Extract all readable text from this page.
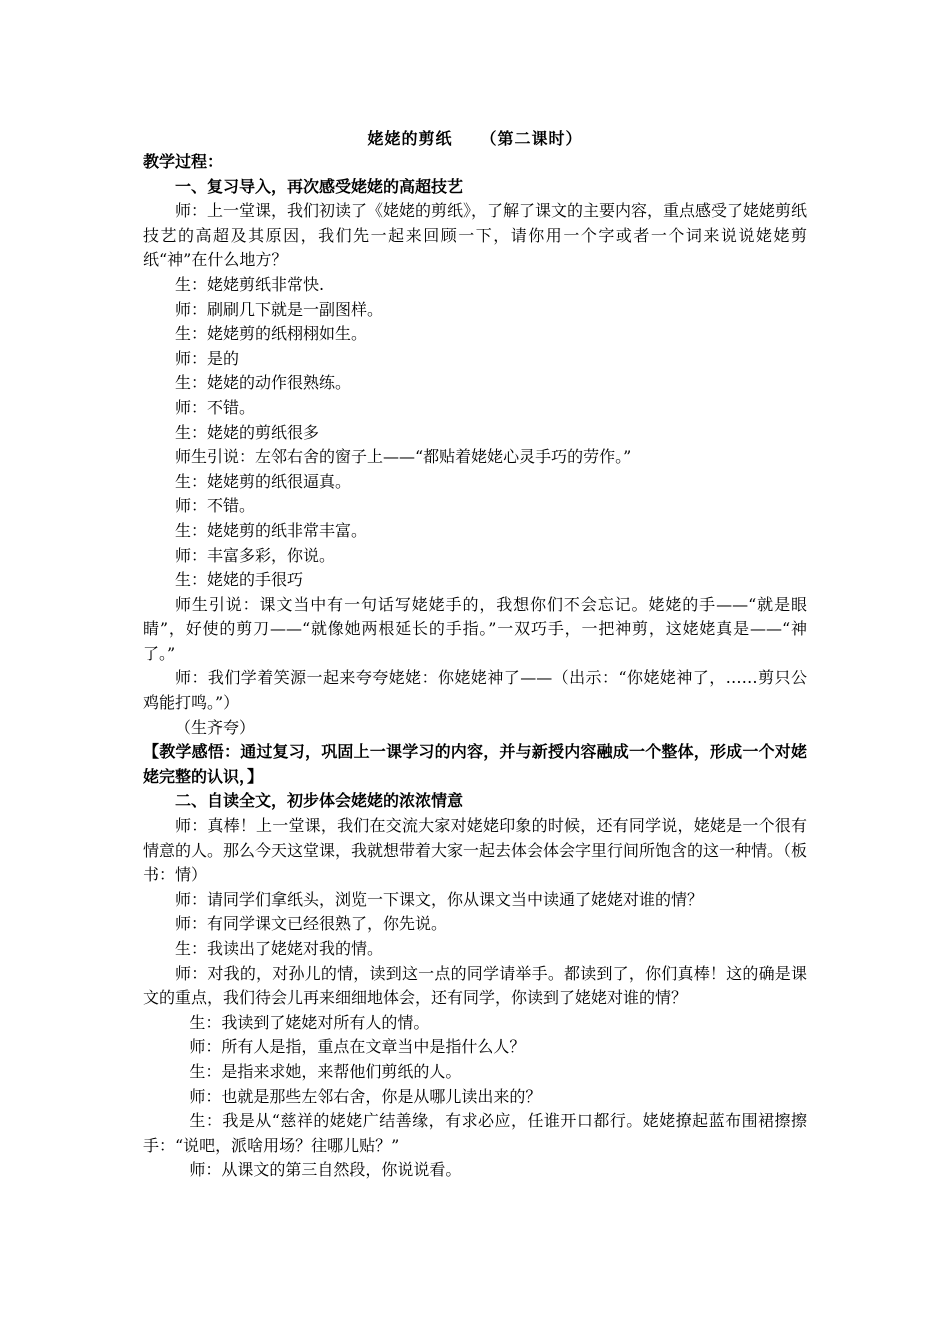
姥姥的剪纸 （第二课时）

教学过程：

一、复习导入，再次感受姥姥的高超技艺

师：上一堂课，我们初读了《姥姥的剪纸》，了解了课文的主要内容，重点感受了姥姥剪纸技艺的高超及其原因，我们先一起来回顾一下，请你用一个字或者一个词来说说姥姥剪纸“神”在什么地方？

生：姥姥剪纸非常快.

师：刷刷几下就是一副图样。

生：姥姥剪的纸栩栩如生。

师：是的

生：姥姥的动作很熟练。

师：不错。

生：姥姥的剪纸很多

师生引说：左邻右舍的窗子上——“都贴着姥姥心灵手巧的劳作。”

生：姥姥剪的纸很逼真。

师：不错。

生：姥姥剪的纸非常丰富。

师：丰富多彩，你说。

生：姥姥的手很巧

师生引说：课文当中有一句话写姥姥手的，我想你们不会忘记。姥姥的手——“就是眼睛”，好使的剪刀——“就像她两根延长的手指。”一双巧手，一把神剪，这姥姥真是——“神了。”

师：我们学着笑源一起来夸夸姥姥：你姥姥神了——（出示：“你姥姥神了，……剪只公鸡能打鸣。”）

（生齐夸）

【教学感悟：通过复习，巩固上一课学习的内容，并与新授内容融成一个整体，形成一个对姥姥完整的认识，】

二、自读全文，初步体会姥姥的浓浓情意

师：真棒！上一堂课，我们在交流大家对姥姥印象的时候，还有同学说，姥姥是一个很有情意的人。那么今天这堂课，我就想带着大家一起去体会体会字里行间所饱含的这一种情。（板书：情）

师：请同学们拿纸头，浏览一下课文，你从课文当中读通了姥姥对谁的情？

师：有同学课文已经很熟了，你先说。

生：我读出了姥姥对我的情。

师：对我的，对孙儿的情，读到这一点的同学请举手。都读到了，你们真棒！这的确是课文的重点，我们待会儿再来细细地体会，还有同学，你读到了姥姥对谁的情？

生：我读到了姥姥对所有人的情。

师：所有人是指，重点在文章当中是指什么人？

生：是指来求她，来帮他们剪纸的人。

师：也就是那些左邻右舍，你是从哪儿读出来的？

生：我是从“慈祥的姥姥广结善缘，有求必应，任谁开口都行。姥姥撩起蓝布围裙擦擦手：“说吧，派啥用场？往哪儿贴？”

师：从课文的第三自然段，你说说看。
